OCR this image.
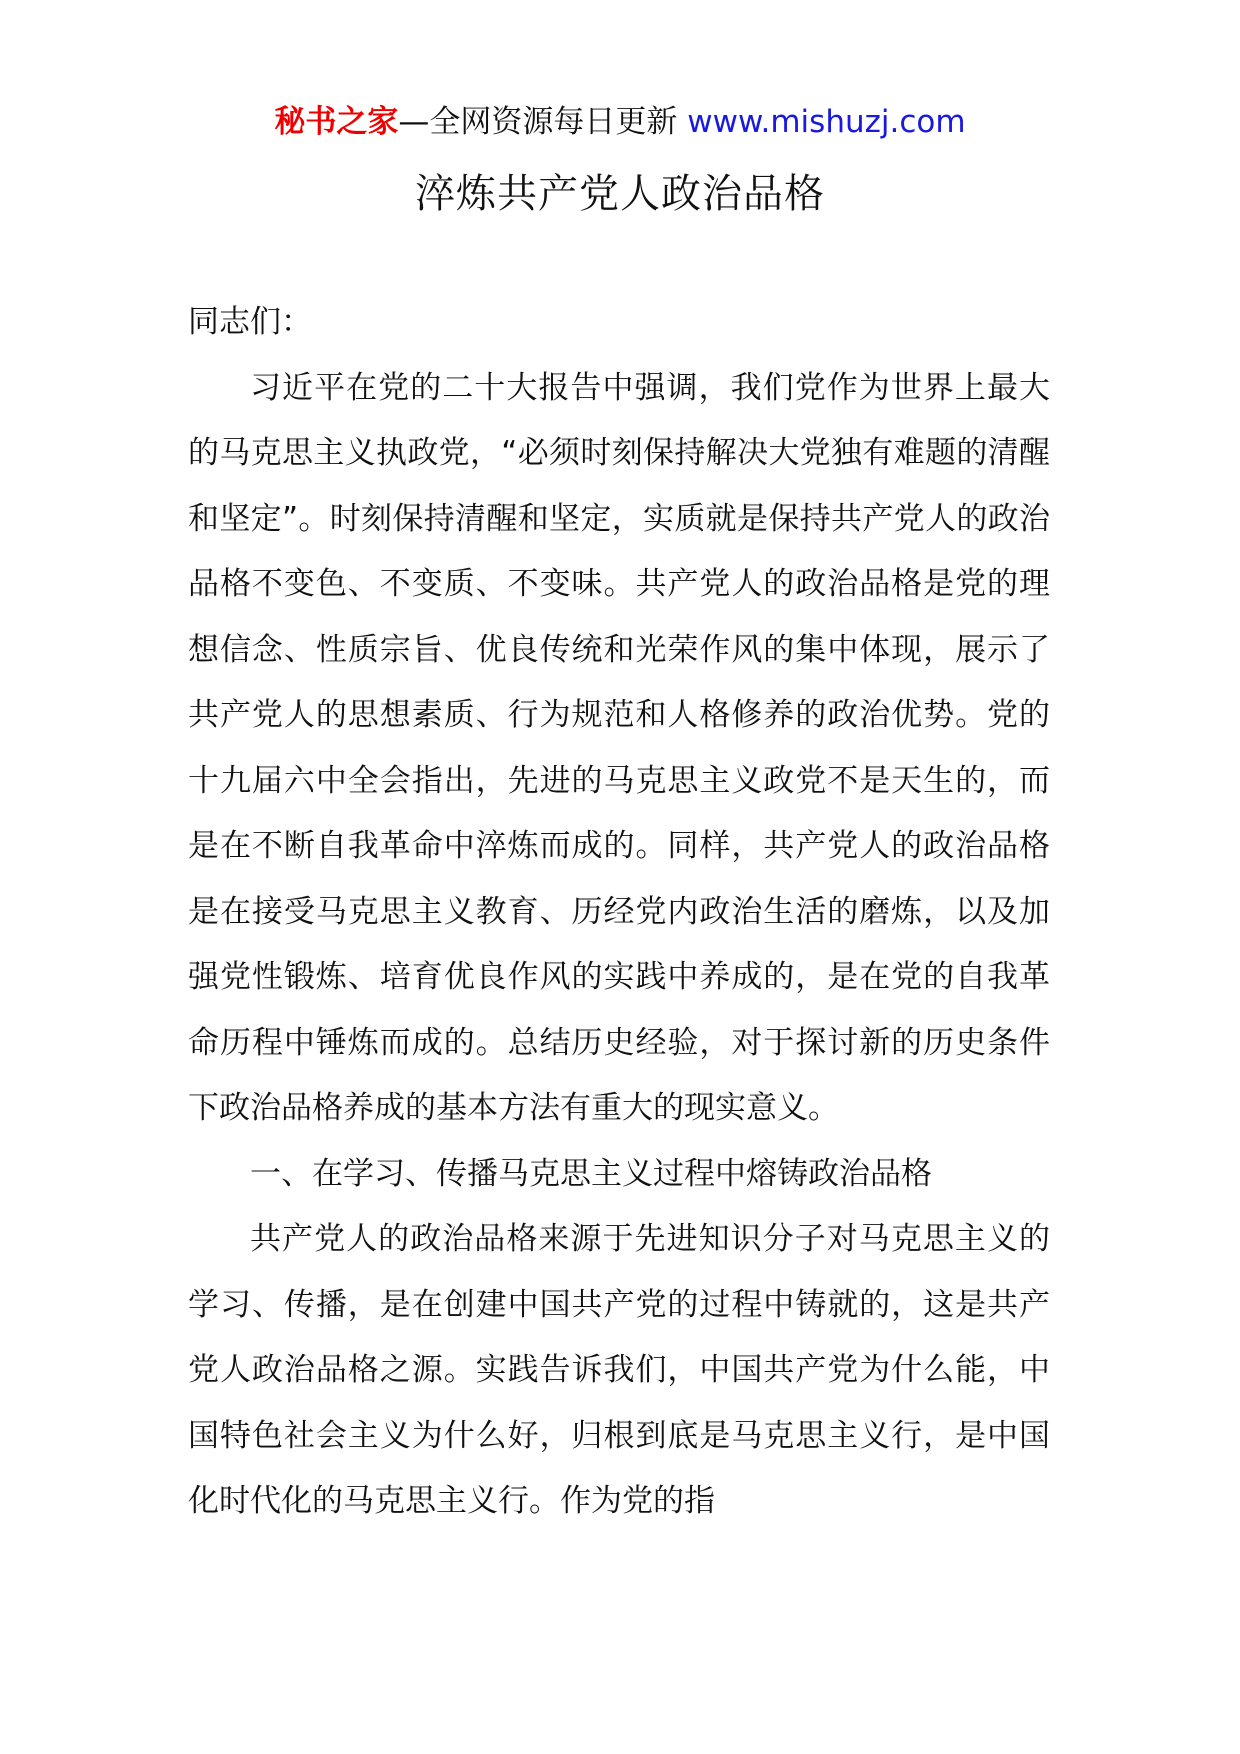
秘书之家—全网资源每日更新 www.mishuzj.com
淬炼共产党人政治品格

同志们：

习近平在党的二十大报告中强调，我们党作为世界上最大的马克思主义执政党，“必须时刻保持解决大党独有难题的清醒和坚定”。时刻保持清醒和坚定，实质就是保持共产党人的政治品格不变色、不变质、不变味。共产党人的政治品格是党的理想信念、性质宗旨、优良传统和光荣作风的集中体现，展示了共产党人的思想素质、行为规范和人格修养的政治优势。党的十九届六中全会指出，先进的马克思主义政党不是天生的，而是在不断自我革命中淬炼而成的。同样，共产党人的政治品格是在接受马克思主义教育、历经党内政治生活的磨炼，以及加强党性锻炼、培育优良作风的实践中养成的，是在党的自我革命历程中锤炼而成的。总结历史经验，对于探讨新的历史条件下政治品格养成的基本方法有重大的现实意义。

一、在学习、传播马克思主义过程中熔铸政治品格

共产党人的政治品格来源于先进知识分子对马克思主义的学习、传播，是在创建中国共产党的过程中铸就的，这是共产党人政治品格之源。实践告诉我们，中国共产党为什么能，中国特色社会主义为什么好，归根到底是马克思主义行，是中国化时代化的马克思主义行。作为党的指
